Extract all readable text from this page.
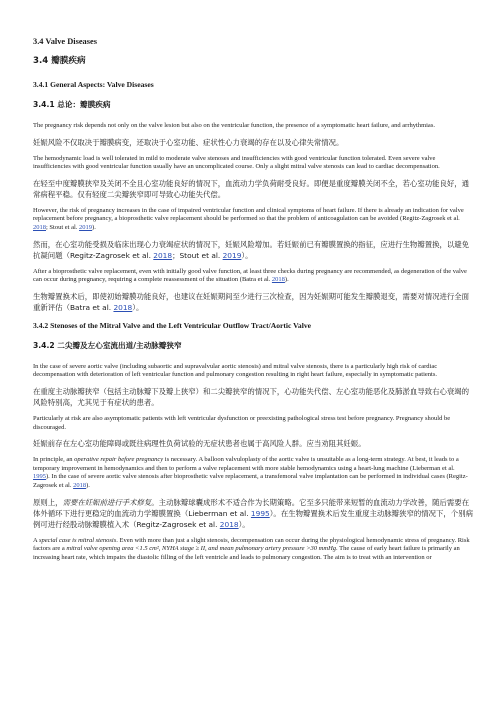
3.4 Valve Diseases
3.4 瓣膜疾病
3.4.1 General Aspects: Valve Diseases
3.4.1 总论：瓣膜疾病

The pregnancy risk depends not only on the valve lesion but also on the ventricular function, the presence of a symptomatic heart failure, and arrhythmias.

妊娠风险不仅取决于瓣膜病变，还取决于心室功能、症状性心力衰竭的存在以及心律失常情况。

The hemodynamic load is well tolerated in mild to moderate valve stenoses and insufficiencies with good ventricular function tolerated. Even severe valve insufficiencies with good ventricular function usually have an uncomplicated course. Only a slight mitral valve stenosis can lead to cardiac decompensation.

在轻至中度瓣膜狭窄及关闭不全且心室功能良好的情况下，血流动力学负荷耐受良好。即便是重度瓣膜关闭不全，若心室功能良好，通常病程平稳。仅有轻度二尖瓣狭窄即可导致心功能失代偿。

However, the risk of pregnancy increases in the case of impaired ventricular function and clinical symptoms of heart failure. If there is already an indication for valve replacement before pregnancy, a bioprosthetic valve replacement should be performed so that the problem of anticoagulation can be avoided (Regitz-Zagrosek et al. 2018; Stout et al. 2019).

然而，在心室功能受损及临床出现心力衰竭症状的情况下，妊娠风险增加。若妊娠前已有瓣膜置换的指征，应进行生物瓣置换，以避免抗凝问题（Regitz-Zagrosek et al. 2018；Stout et al. 2019）。

After a bioprosthetic valve replacement, even with initially good valve function, at least three checks during pregnancy are recommended, as degeneration of the valve can occur during pregnancy, requiring a complete reassessment of the situation (Batra et al. 2018).

生物瓣置换术后，即使初始瓣膜功能良好，也建议在妊娠期间至少进行三次检查，因为妊娠期可能发生瓣膜退变，需要对情况进行全面重新评估（Batra et al. 2018）。

3.4.2 Stenoses of the Mitral Valve and the Left Ventricular Outflow Tract/Aortic Valve
3.4.2 二尖瓣及左心室流出道/主动脉瓣狭窄

In the case of severe aortic valve (including subaortic and supravalvular aortic stenosis) and mitral valve stenosis, there is a particularly high risk of cardiac decompensation with deterioration of left ventricular function and pulmonary congestion resulting in right heart failure, especially in symptomatic patients.

在重度主动脉瓣狭窄（包括主动脉瓣下及瓣上狭窄）和二尖瓣狭窄的情况下，心功能失代偿、左心室功能恶化及肺淤血导致右心衰竭的风险特别高，尤其见于有症状的患者。

Particularly at risk are also asymptomatic patients with left ventricular dysfunction or preexisting pathological stress test before pregnancy. Pregnancy should be discouraged.

妊娠前存在左心室功能障碍或既往病理性负荷试验的无症状患者也属于高风险人群。应当劝阻其妊娠。

In principle, an operative repair before pregnancy is necessary. A balloon valvuloplasty of the aortic valve is unsuitable as a long-term strategy. At best, it leads to a temporary improvement in hemodynamics and then to perform a valve replacement with more stable hemodynamics using a heart-lung machine (Lieberman et al. 1995). In the case of severe aortic valve stenosis after bioprosthetic valve replacement, a transfemoral valve implantation can be performed in individual cases (Regitz-Zagrosek et al. 2018).

原则上，需要在妊娠前进行手术修复。主动脉瓣球囊成形术不适合作为长期策略。它至多只能带来短暂的血流动力学改善，随后需要在体外循环下进行更稳定的血流动力学瓣膜置换（Lieberman et al. 1995）。在生物瓣置换术后发生重度主动脉瓣狭窄的情况下，个别病例可进行经股动脉瓣膜植入术（Regitz-Zagrosek et al. 2018）。

A special case is mitral stenosis. Even with more than just a slight stenosis, decompensation can occur during the physiological hemodynamic stress of pregnancy. Risk factors are a mitral valve opening area <1.5 cm², NYHA stage ≥ II, and mean pulmonary artery pressure >30 mmHg. The cause of early heart failure is primarily an increasing heart rate, which impairs the diastolic filling of the left ventricle and leads to pulmonary congestion. The aim is to treat with an intervention or
